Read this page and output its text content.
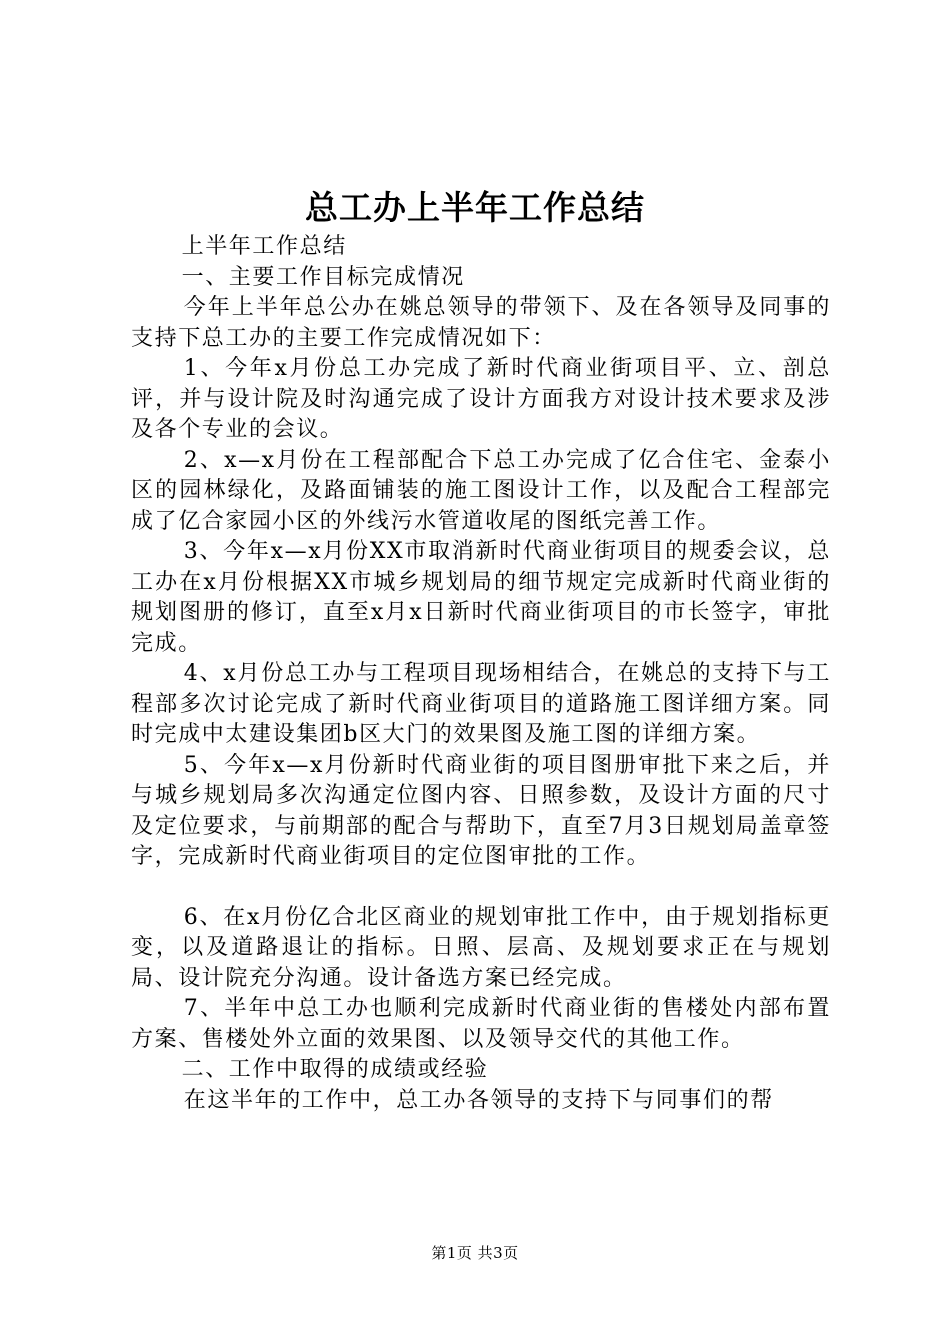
总工办上半年工作总结

上半年工作总结

一、主要工作目标完成情况

今年上半年总公办在姚总领导的带领下、及在各领导及同事的支持下总工办的主要工作完成情况如下：

1、今年x月份总工办完成了新时代商业街项目平、立、剖总评，并与设计院及时沟通完成了设计方面我方对设计技术要求及涉及各个专业的会议。

2、x—x月份在工程部配合下总工办完成了亿合住宅、金泰小区的园林绿化，及路面铺装的施工图设计工作，以及配合工程部完成了亿合家园小区的外线污水管道收尾的图纸完善工作。

3、今年x—x月份XX市取消新时代商业街项目的规委会议，总工办在x月份根据XX市城乡规划局的细节规定完成新时代商业街的规划图册的修订，直至x月x日新时代商业街项目的市长签字，审批完成。

4、x月份总工办与工程项目现场相结合，在姚总的支持下与工程部多次讨论完成了新时代商业街项目的道路施工图详细方案。同时完成中太建设集团b区大门的效果图及施工图的详细方案。

5、今年x—x月份新时代商业街的项目图册审批下来之后，并与城乡规划局多次沟通定位图内容、日照参数，及设计方面的尺寸及定位要求，与前期部的配合与帮助下，直至7月3日规划局盖章签字，完成新时代商业街项目的定位图审批的工作。

6、在x月份亿合北区商业的规划审批工作中，由于规划指标更变，以及道路退让的指标。日照、层高、及规划要求正在与规划局、设计院充分沟通。设计备选方案已经完成。

7、半年中总工办也顺利完成新时代商业街的售楼处内部布置方案、售楼处外立面的效果图、以及领导交代的其他工作。

二、工作中取得的成绩或经验

在这半年的工作中，总工办各领导的支持下与同事们的帮

第1页 共3页
